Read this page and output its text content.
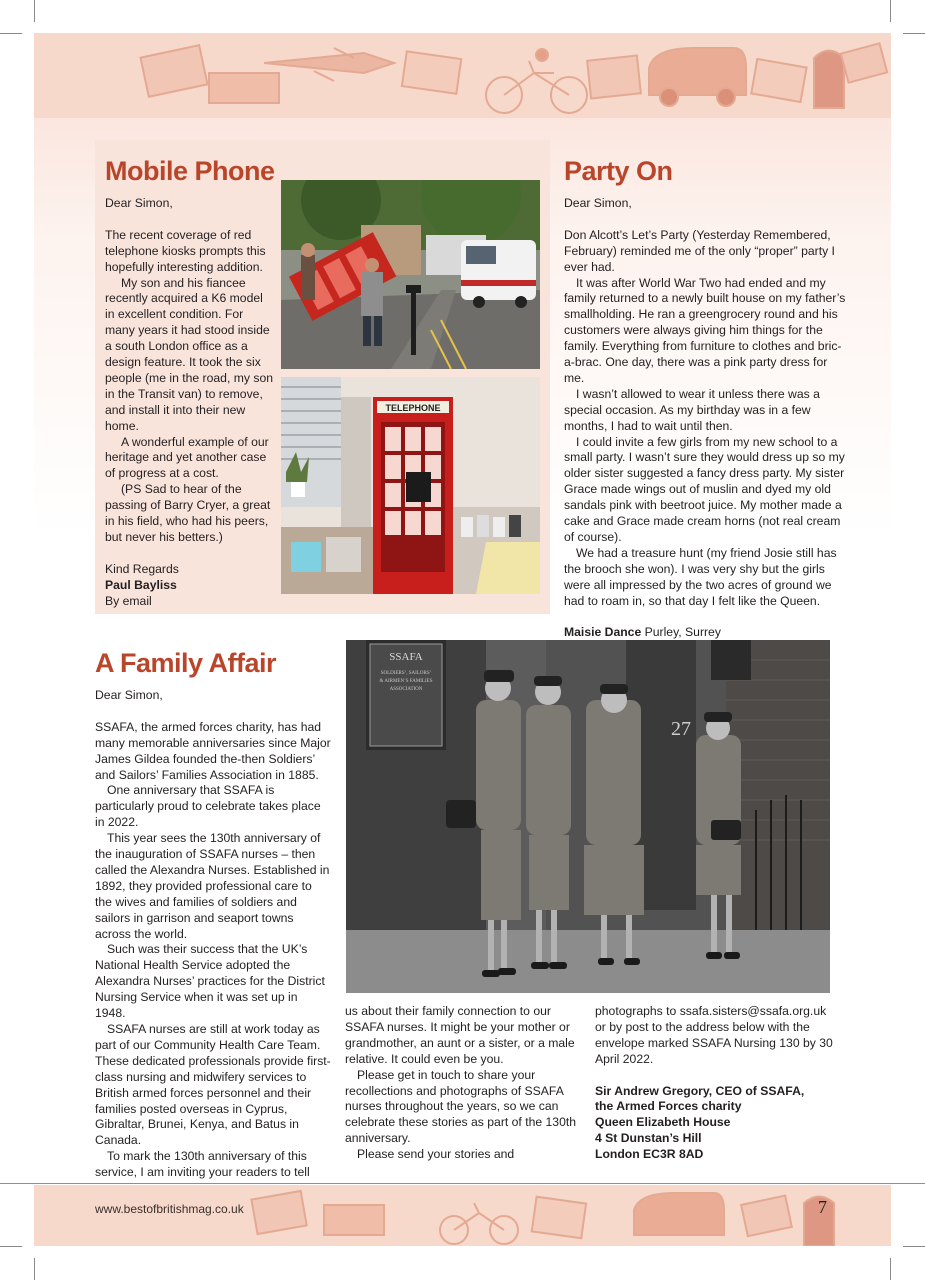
Mobile Phone

Dear Simon,

The recent coverage of red telephone kiosks prompts this hopefully interesting addition.

My son and his fiancee recently acquired a K6 model in excellent condition. For many years it had stood inside a south London office as a design feature. It took the six people (me in the road, my son in the Transit van) to remove, and install it into their new home.

A wonderful example of our heritage and yet another case of progress at a cost.

(PS Sad to hear of the passing of Barry Cryer, a great in his field, who had his peers, but never his betters.)

Kind Regards

Paul Bayliss

By email

TELEPHONE
Party On

Dear Simon,

Don Alcott’s Let’s Party (Yesterday Remembered, February) reminded me of the only “proper” party I ever had.

It was after World War Two had ended and my family returned to a newly built house on my father’s smallholding. He ran a greengrocery round and his customers were always giving him things for the family. Everything from furniture to clothes and bric-a-brac. One day, there was a pink party dress for me.

I wasn’t allowed to wear it unless there was a special occasion. As my birthday was in a few months, I had to wait until then.

I could invite a few girls from my new school to a small party. I wasn’t sure they would dress up so my older sister suggested a fancy dress party. My sister Grace made wings out of muslin and dyed my old sandals pink with beetroot juice. My mother made a cake and Grace made cream horns (not real cream of course).

We had a treasure hunt (my friend Josie still has the brooch she won). I was very shy but the girls were all impressed by the two acres of ground we had to roam in, so that day I felt like the Queen.

Maisie Dance Purley, Surrey

A Family Affair

Dear Simon,

SSAFA, the armed forces charity, has had many memorable anniversaries since Major James Gildea founded the-then Soldiers’ and Sailors’ Families Association in 1885.

One anniversary that SSAFA is particularly proud to celebrate takes place in 2022.

This year sees the 130th anniversary of the inauguration of SSAFA nurses – then called the Alexandra Nurses. Established in 1892, they provided professional care to the wives and families of soldiers and sailors in garrison and seaport towns across the world.

Such was their success that the UK’s National Health Service adopted the Alexandra Nurses’ practices for the District Nursing Service when it was set up in 1948.

SSAFA nurses are still at work today as part of our Community Health Care Team. These dedicated professionals provide first-class nursing and midwifery services to British armed forces personnel and their families posted overseas in Cyprus, Gibraltar, Brunei, Kenya, and Batus in Canada.

To mark the 130th anniversary of this service, I am inviting your readers to tell

SSAFA
SOLDIERS’, SAILORS’
& AIRMEN’S FAMILIES
ASSOCIATION
27

us about their family connection to our SSAFA nurses. It might be your mother or grandmother, an aunt or a sister, or a male relative. It could even be you.

Please get in touch to share your recollections and photographs of SSAFA nurses throughout the years, so we can celebrate these stories as part of the 130th anniversary.

Please send your stories and

photographs to ssafa.sisters@ssafa.org.uk or by post to the address below with the envelope marked SSAFA Nursing 130 by 30 April 2022.

Sir Andrew Gregory, CEO of SSAFA,

the Armed Forces charity

Queen Elizabeth House

4 St Dunstan’s Hill

London EC3R 8AD

www.bestofbritishmag.co.uk	7
